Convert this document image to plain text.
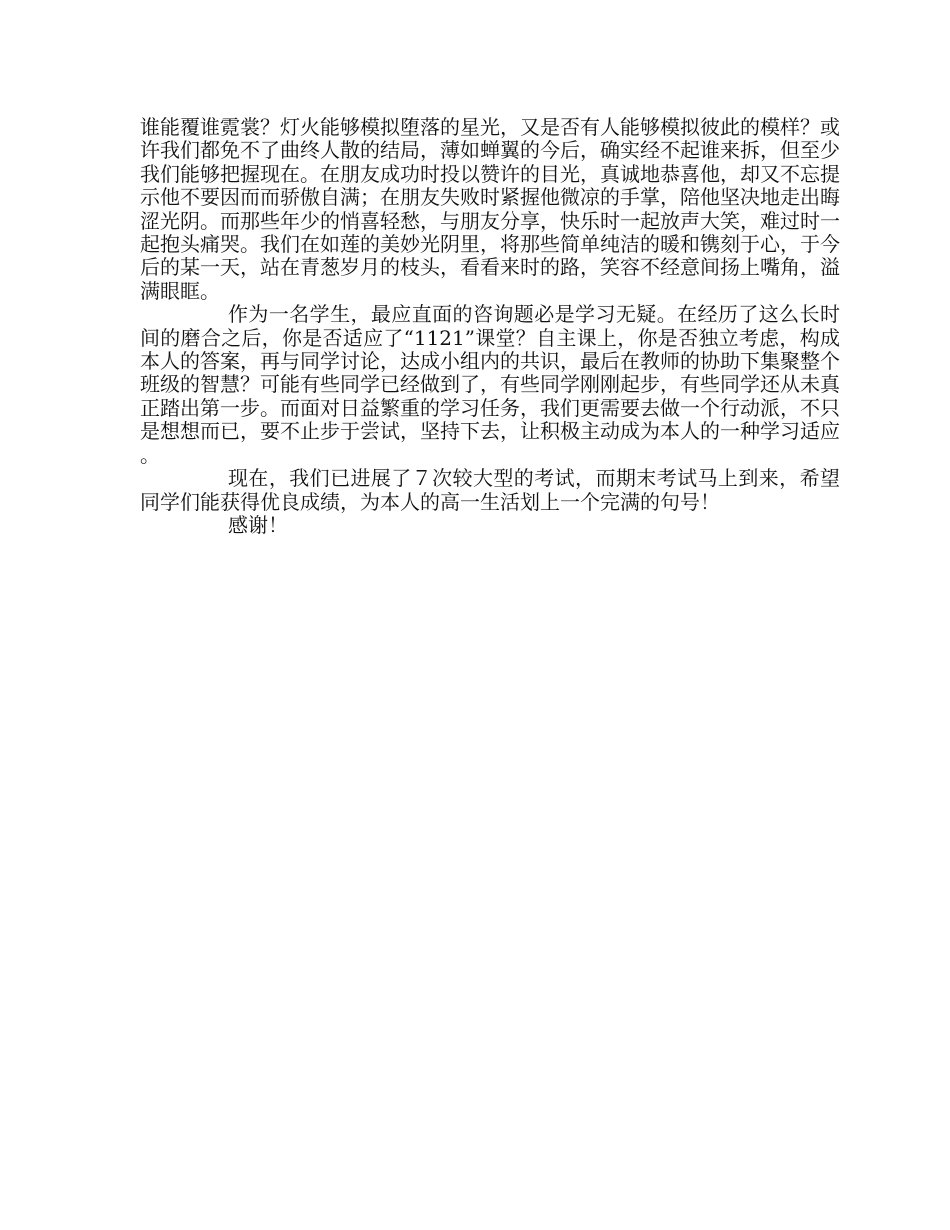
谁能覆谁霓裳？灯火能够模拟堕落的星光，又是否有人能够模拟彼此的模样？或许我们都免不了曲终人散的结局，薄如蝉翼的今后，确实经不起谁来拆，但至少我们能够把握现在。在朋友成功时投以赞许的目光，真诚地恭喜他，却又不忘提示他不要因而而骄傲自满；在朋友失败时紧握他微凉的手掌，陪他坚决地走出晦涩光阴。而那些年少的悄喜轻愁，与朋友分享，快乐时一起放声大笑，难过时一起抱头痛哭。我们在如莲的美妙光阴里，将那些简单纯洁的暖和镌刻于心，于今后的某一天，站在青葱岁月的枝头，看看来时的路，笑容不经意间扬上嘴角，溢满眼眶。

作为一名学生，最应直面的咨询题必是学习无疑。在经历了这么长时间的磨合之后，你是否适应了“1121”课堂？自主课上，你是否独立考虑，构成本人的答案，再与同学讨论，达成小组内的共识，最后在教师的协助下集聚整个班级的智慧？可能有些同学已经做到了，有些同学刚刚起步，有些同学还从未真正踏出第一步。而面对日益繁重的学习任务，我们更需要去做一个行动派，不只是想想而已，要不止步于尝试，坚持下去，让积极主动成为本人的一种学习适应。

现在，我们已进展了７次较大型的考试，而期末考试马上到来，希望同学们能获得优良成绩，为本人的高一生活划上一个完满的句号！

感谢！
